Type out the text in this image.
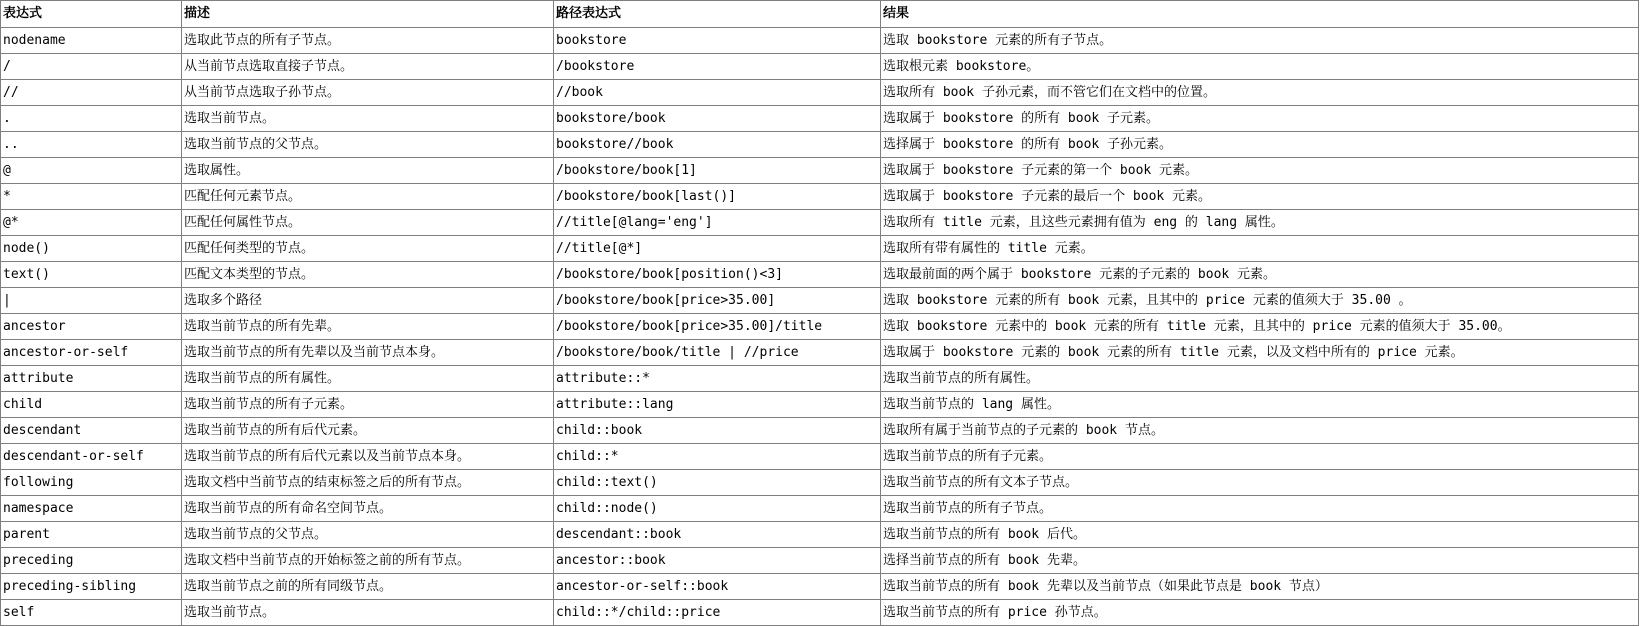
表达式	描述	路径表达式	结果
nodename	选取此节点的所有子节点。	bookstore	选取 bookstore 元素的所有子节点。
/	从当前节点选取直接子节点。	/bookstore	选取根元素 bookstore。
//	从当前节点选取子孙节点。	//book	选取所有 book 子孙元素，而不管它们在文档中的位置。
.	选取当前节点。	bookstore/book	选取属于 bookstore 的所有 book 子元素。
..	选取当前节点的父节点。	bookstore//book	选择属于 bookstore 的所有 book 子孙元素。
@	选取属性。	/bookstore/book[1]	选取属于 bookstore 子元素的第一个 book 元素。
*	匹配任何元素节点。	/bookstore/book[last()]	选取属于 bookstore 子元素的最后一个 book 元素。
@*	匹配任何属性节点。	//title[@lang='eng']	选取所有 title 元素，且这些元素拥有值为 eng 的 lang 属性。
node()	匹配任何类型的节点。	//title[@*]	选取所有带有属性的 title 元素。
text()	匹配文本类型的节点。	/bookstore/book[position()<3]	选取最前面的两个属于 bookstore 元素的子元素的 book 元素。
|	选取多个路径	/bookstore/book[price>35.00]	选取 bookstore 元素的所有 book 元素，且其中的 price 元素的值须大于 35.00 。
ancestor	选取当前节点的所有先辈。	/bookstore/book[price>35.00]/title	选取 bookstore 元素中的 book 元素的所有 title 元素，且其中的 price 元素的值须大于 35.00。
ancestor-or-self	选取当前节点的所有先辈以及当前节点本身。	/bookstore/book/title | //price	选取属于 bookstore 元素的 book 元素的所有 title 元素，以及文档中所有的 price 元素。
attribute	选取当前节点的所有属性。	attribute::*	选取当前节点的所有属性。
child	选取当前节点的所有子元素。	attribute::lang	选取当前节点的 lang 属性。
descendant	选取当前节点的所有后代元素。	child::book	选取所有属于当前节点的子元素的 book 节点。
descendant-or-self	选取当前节点的所有后代元素以及当前节点本身。	child::*	选取当前节点的所有子元素。
following	选取文档中当前节点的结束标签之后的所有节点。	child::text()	选取当前节点的所有文本子节点。
namespace	选取当前节点的所有命名空间节点。	child::node()	选取当前节点的所有子节点。
parent	选取当前节点的父节点。	descendant::book	选取当前节点的所有 book 后代。
preceding	选取文档中当前节点的开始标签之前的所有节点。	ancestor::book	选择当前节点的所有 book 先辈。
preceding-sibling	选取当前节点之前的所有同级节点。	ancestor-or-self::book	选取当前节点的所有 book 先辈以及当前节点（如果此节点是 book 节点）
self	选取当前节点。	child::*/child::price	选取当前节点的所有 price 孙节点。
